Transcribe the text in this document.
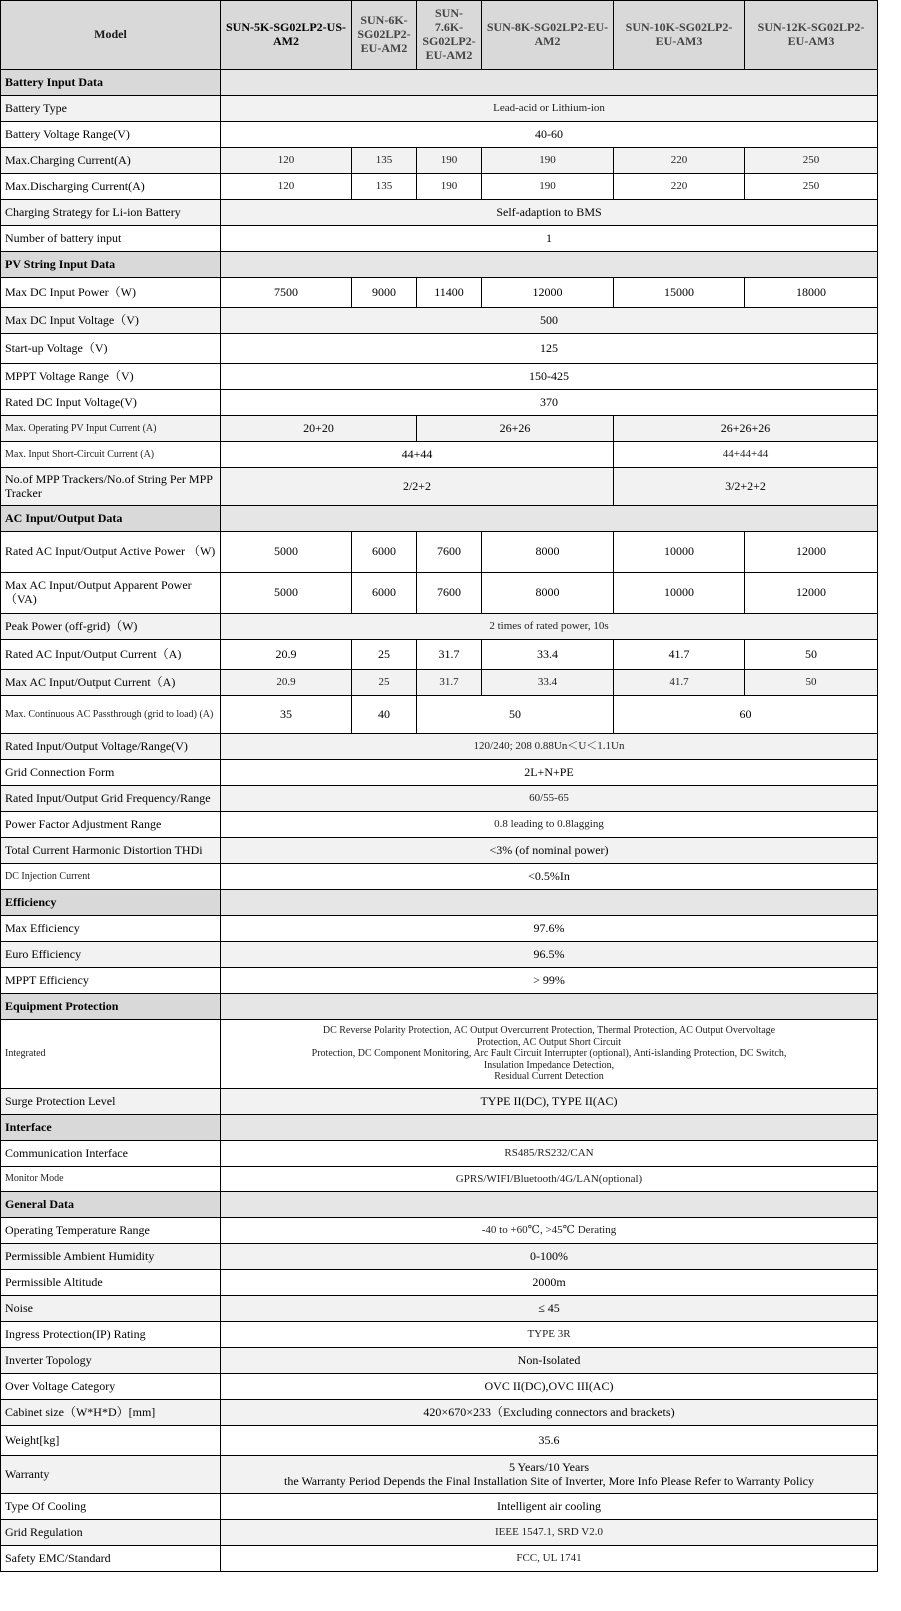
Model	SUN-5K-SG02LP2-US-AM2	SUN-6K-SG02LP2-EU-AM2	SUN-7.6K-SG02LP2-EU-AM2	SUN-8K-SG02LP2-EU-AM2	SUN-10K-SG02LP2-EU-AM3	SUN-12K-SG02LP2-EU-AM3
Battery Input Data						
Battery Type	Lead-acid or Lithium-ion					
Battery Voltage Range(V)	40-60					
Max.Charging Current(A)	120	135	190	190	220	250
Max.Discharging Current(A)	120	135	190	190	220	250
Charging Strategy for Li-ion Battery	Self-adaption to BMS					
Number of battery input	1					
PV String Input Data						
Max DC Input Power（W)	7500	9000	11400	12000	15000	18000
Max DC Input Voltage（V)	500					
Start-up Voltage（V)	125					
MPPT Voltage Range（V)	150-425					
Rated DC Input Voltage(V)	370					
Max. Operating PV Input Current (A)	20+20		26+26		26+26+26	
Max. Input Short-Circuit Current (A)	44+44				44+44+44	
No.of MPP Trackers/No.of String Per MPP Tracker	2/2+2				3/2+2+2	
AC Input/Output Data						
Rated AC Input/Output Active Power （W)	5000	6000	7600	8000	10000	12000
Max AC Input/Output Apparent Power （VA)	5000	6000	7600	8000	10000	12000
Peak Power (off-grid)（W)	2 times of rated power, 10s					
Rated AC Input/Output Current（A)	20.9	25	31.7	33.4	41.7	50
Max AC Input/Output Current（A)	20.9	25	31.7	33.4	41.7	50
Max. Continuous AC Passthrough (grid to load) (A)	35	40	50		60	
Rated Input/Output Voltage/Range(V)	120/240; 208 0.88Un＜U＜1.1Un					
Grid Connection Form	2L+N+PE					
Rated Input/Output Grid Frequency/Range	60/55-65					
Power Factor Adjustment Range	0.8 leading to 0.8lagging					
Total Current Harmonic Distortion THDi	<3% (of nominal power)					
DC Injection Current	<0.5%In					
Efficiency						
Max Efficiency	97.6%					
Euro Efficiency	96.5%					
MPPT Efficiency	> 99%					
Equipment Protection						
Integrated	DC Reverse Polarity Protection, AC Output Overcurrent Protection, Thermal Protection, AC Output Overvoltage Protection, AC Output Short Circuit
Protection, DC Component Monitoring, Arc Fault Circuit Interrupter (optional), Anti-islanding Protection, DC Switch, Insulation Impedance Detection,
Residual Current Detection					
Surge Protection Level	TYPE II(DC), TYPE II(AC)					
Interface						
Communication Interface	RS485/RS232/CAN					
Monitor Mode	GPRS/WIFI/Bluetooth/4G/LAN(optional)					
General Data						
Operating Temperature Range	-40 to +60℃, >45℃ Derating					
Permissible Ambient Humidity	0-100%					
Permissible Altitude	2000m					
Noise	≤ 45					
Ingress Protection(IP) Rating	TYPE 3R					
Inverter Topology	Non-Isolated					
Over Voltage Category	OVC II(DC),OVC III(AC)					
Cabinet size（W*H*D）[mm]	420×670×233（Excluding connectors and brackets)					
Weight[kg]	35.6					
Warranty	5 Years/10 Years
the Warranty Period Depends the Final Installation Site of Inverter, More Info Please Refer to Warranty Policy					
Type Of Cooling	Intelligent air cooling					
Grid Regulation	IEEE 1547.1, SRD V2.0					
Safety EMC/Standard	FCC, UL 1741					
